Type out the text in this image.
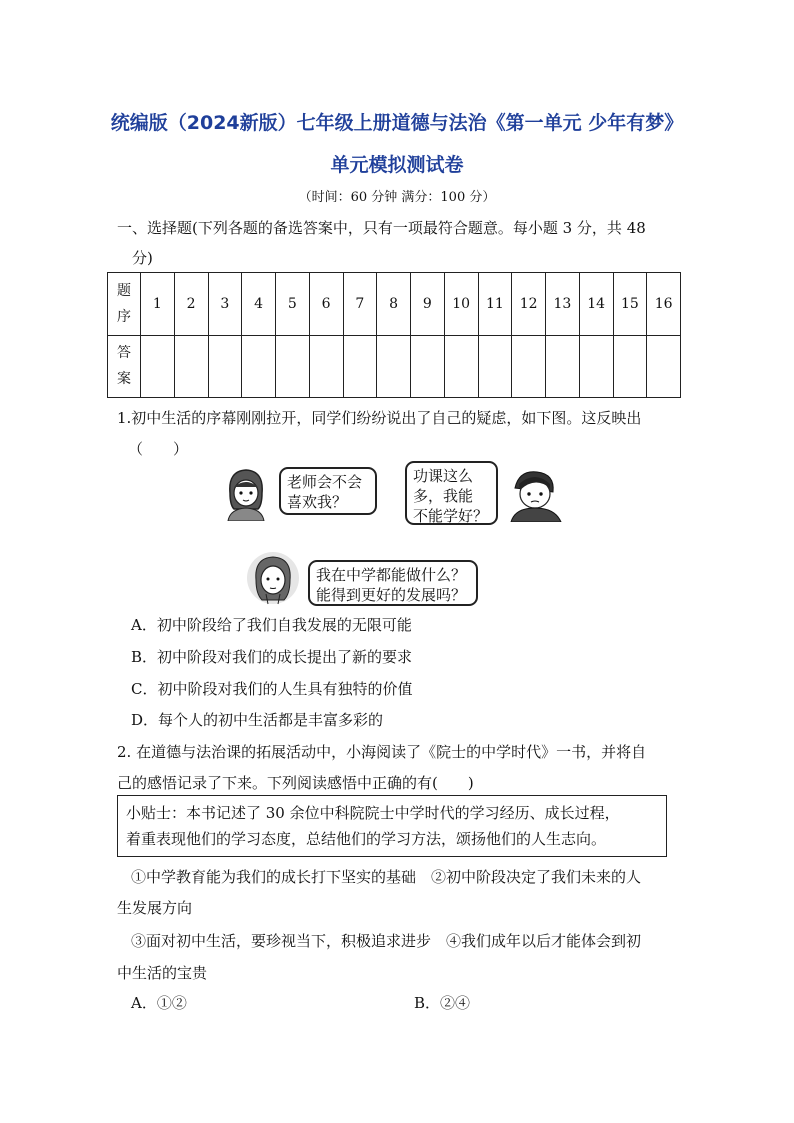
统编版（2024新版）七年级上册道德与法治《第一单元 少年有梦》
单元模拟测试卷
（时间：60 分钟 满分：100 分）
一、选择题(下列各题的备选答案中，只有一项最符合题意。每小题 3 分，共 48
分)
题
序	1	2	3	4	5	6	7	8	9	10	11	12	13	14	15	16

答
案																

1.初中生活的序幕刚刚拉开，同学们纷纷说出了自己的疑虑，如下图。这反映出
（　　）
老师会不会
喜欢我？
功课这么
多，我能
不能学好？
我在中学都能做什么？
能得到更好的发展吗？
A．初中阶段给了我们自我发展的无限可能
B．初中阶段对我们的成长提出了新的要求
C．初中阶段对我们的人生具有独特的价值
D．每个人的初中生活都是丰富多彩的
2. 在道德与法治课的拓展活动中，小海阅读了《院士的中学时代》一书，并将自
己的感悟记录了下来。下列阅读感悟中正确的有(　　)
小贴士：本书记述了 30 余位中科院院士中学时代的学习经历、成长过程，
着重表现他们的学习态度，总结他们的学习方法，颂扬他们的人生志向。
①中学教育能为我们的成长打下坚实的基础　②初中阶段决定了我们未来的人
生发展方向
③面对初中生活，要珍视当下，积极追求进步　④我们成年以后才能体会到初
中生活的宝贵
A．①②	B．②④
